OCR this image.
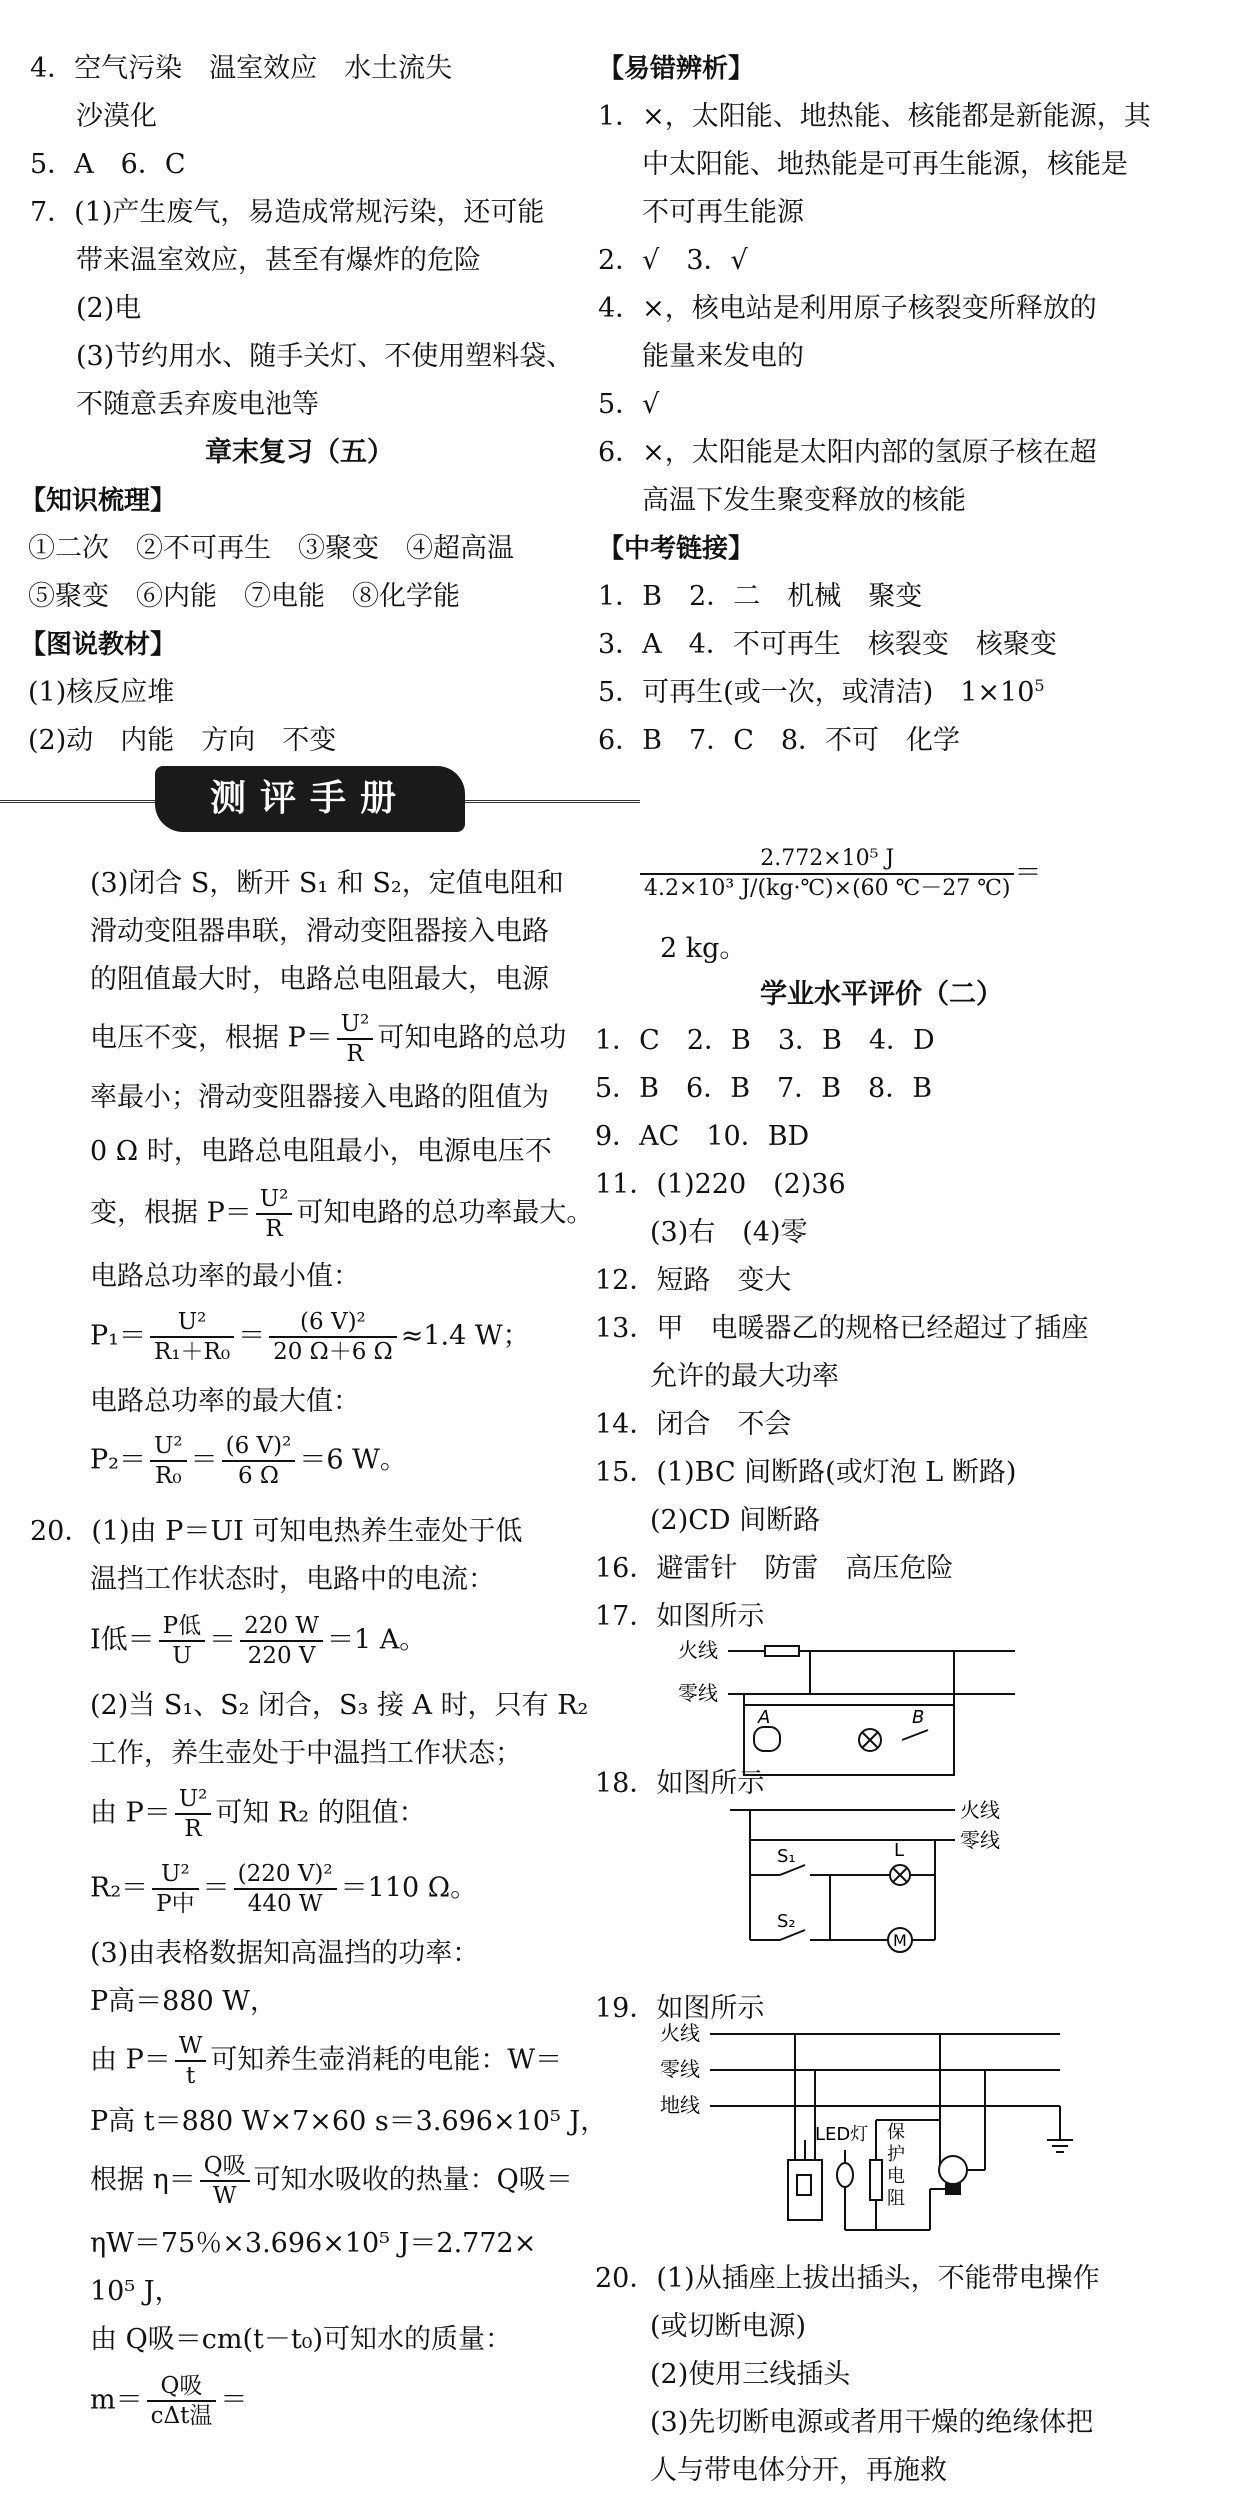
4．空气污染　温室效应　水土流失
沙漠化
5．A　6．C
7．(1)产生废气，易造成常规污染，还可能
带来温室效应，甚至有爆炸的危险
(2)电
(3)节约用水、随手关灯、不使用塑料袋、
不随意丢弃废电池等
章末复习（五）
【知识梳理】
①二次　②不可再生　③聚变　④超高温
⑤聚变　⑥内能　⑦电能　⑧化学能
【图说教材】
(1)核反应堆
(2)动　内能　方向　不变
【易错辨析】
1．×，太阳能、地热能、核能都是新能源，其
中太阳能、地热能是可再生能源，核能是
不可再生能源
2．√　3．√
4．×，核电站是利用原子核裂变所释放的
能量来发电的
5．√
6．×，太阳能是太阳内部的氢原子核在超
高温下发生聚变释放的核能
【中考链接】
1．B　2．二　机械　聚变
3．A　4．不可再生　核裂变　核聚变
5．可再生(或一次，或清洁)　$1\times 10^5$
6．B　7．C　8．不可　化学
测评手册
(3)闭合 S，断开 S₁ 和 S₂，定值电阻和
滑动变阻器串联，滑动变阻器接入电路
的阻值最大时，电路总电阻最大，电源
电压不变，根据 $P= \frac{\text{U²}}{R}$ 可知电路的总功
率最小；滑动变阻器接入电路的阻值为
0 Ω 时，电路总电阻最小，电源电压不
变，根据 $P= \frac{\text{U²}}{R}$ 可知电路的总功率最大。
电路总功率的最小值：
$P_1= \frac{\text{U²}}{\text{R₁＋R₀}} = \frac{\text{(6 V)²}}{20 \Omega+6 \Omega} \approx 1.4$ W；
电路总功率的最大值：
$P_2= \frac{\text{U²}}{\text{R₀}} = \frac{\text{(6 V)²}}{6 \Omega} =6$ W。
20．(1)由 P＝UI 可知电热养生壶处于低
温挡工作状态时，电路中的电流：
I低＝ $\frac{\text{P低}}{U} = \frac{220 W}{220 V} =1$ A。
(2)当 S₁、S₂ 闭合，S₃ 接 A 时，只有 R₂
工作，养生壶处于中温挡工作状态；
由 $P= \frac{\text{U²}}{R}$ 可知 R₂ 的阻值：
$R_2= \frac{\text{U²}}{\text{P中}} = \frac{\text{(220 V)²}}{440 W} =110$ Ω。
(3)由表格数据知高温挡的功率：
P高＝880 W，
由 $P= \frac{W}{t}$ 可知养生壶消耗的电能：W＝
P高 t＝880 W×7×60 s＝3.696×10⁵ J，
根据 $\eta= \frac{\text{Q吸}}{W}$ 可知水吸收的热量：Q吸＝
ηW＝75％×3.696×10⁵ J＝2.772×
10⁵ J，
由 Q吸＝cm(t－t₀)可知水的质量：
$m= \frac{\text{Q吸}}{\text{cΔt温}}$ ＝
$\frac{\text{2.772×10⁵ J}}{\text{4.2×10³ J/(kg·℃)×(60 ℃－27 ℃)}}$ ＝
2 kg。
学业水平评价（二）
1．C　2．B　3．B　4．D
5．B　6．B　7．B　8．B
9．AC　10．BD
11．(1)220　(2)36
(3)右　(4)零
12．短路　变大
13．甲　电暖器乙的规格已经超过了插座
允许的最大功率
14．闭合　不会
15．(1)BC 间断路(或灯泡 L 断路)
(2)CD 间断路
16．避雷针　防雷　高压危险
17．如图所示
18．如图所示
19．如图所示
20．(1)从插座上拔出插头，不能带电操作
(或切断电源)
(2)使用三线插头
(3)先切断电源或者用干燥的绝缘体把
人与带电体分开，再施救
火线
零线
A	B
火线
零线
S₁	L
S₂
M
火线
零线
地线
LED灯 保
护
电
阻
